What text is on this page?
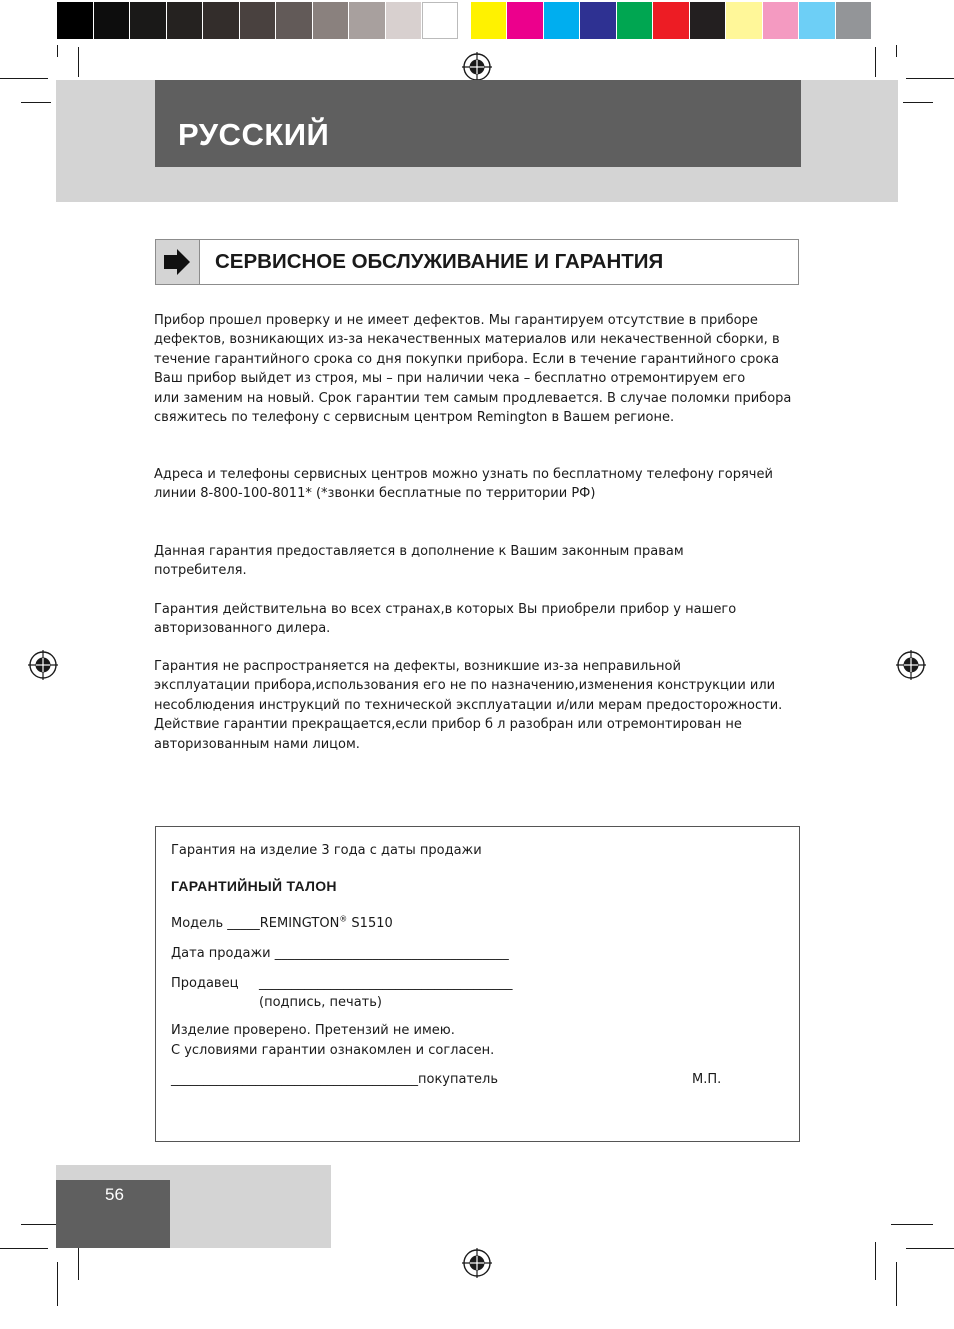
РУССКИЙ
СЕРВИСНОЕ ОБСЛУЖИВАНИЕ И ГАРАНТИЯ
Прибор прошел проверку и не имеет дефектов. Мы гарантируем отсутствие в приборе
дефектов, возникающих из-за некачественных материалов или некачественной сборки, в
течение гарантийного срока со дня покупки прибора. Если в течение гарантийного срока
Ваш прибор выйдет из строя, мы – при наличии чека – бесплатно отремонтируем его
или заменим на новый. Срок гарантии тем самым продлевается. В случае поломки прибора
свяжитесь по телефону с сервисным центром Remington в Вашем регионе.
Адреса и телефоны сервисных центров можно узнать по бесплатному телефону горячей
линии 8-800-100-8011* (*звонки бесплатные по территории РФ)
Данная гарантия предоставляется в дополнение к Вашим законным правам
потребителя.
Гарантия действительна во всех странах,в которых Вы приобрели прибор у нашего
авторизованного дилера.
Гарантия не распространяется на дефекты, возникшие из-за неправильной
эксплуатации прибора,использования его не по назначению,изменения конструкции или
несоблюдения инструкций по технической эксплуатации и/или мерам предосторожности.
Действие гарантии прекращается,если прибор б л разобран или отремонтирован не
авторизованным нами лицом.
Гарантия на изделие 3 года с даты продажи
ГАРАНТИЙНЫЙ ТАЛОН
Модель _____REMINGTON® S1510
Дата продажи ____________________________________
Продавец _______________________________________
(подпись, печать)
Изделие проверено. Претензий не имею.
С условиями гарантии ознакомлен и согласен.
______________________________________покупатель	М.П.
56
